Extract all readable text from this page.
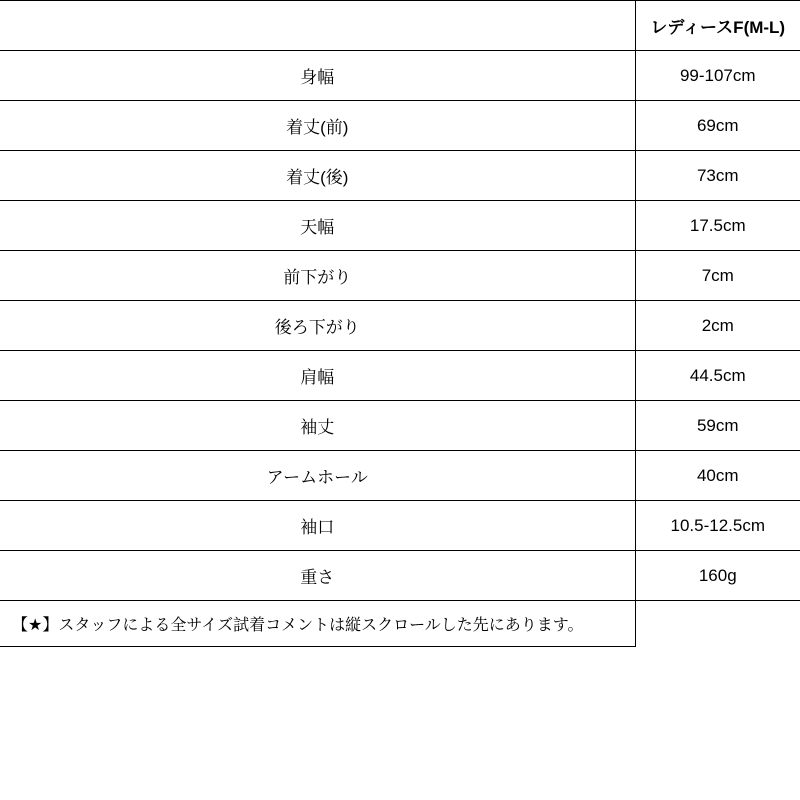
	レディースF(M-L)
身幅	99-107cm
着丈(前)	69cm
着丈(後)	73cm
天幅	17.5cm
前下がり	7cm
後ろ下がり	2cm
肩幅	44.5cm
袖丈	59cm
アームホール	40cm
袖口	10.5-12.5cm
重さ	160g
【★】スタッフによる全サイズ試着コメントは縦スクロールした先にあります。	
